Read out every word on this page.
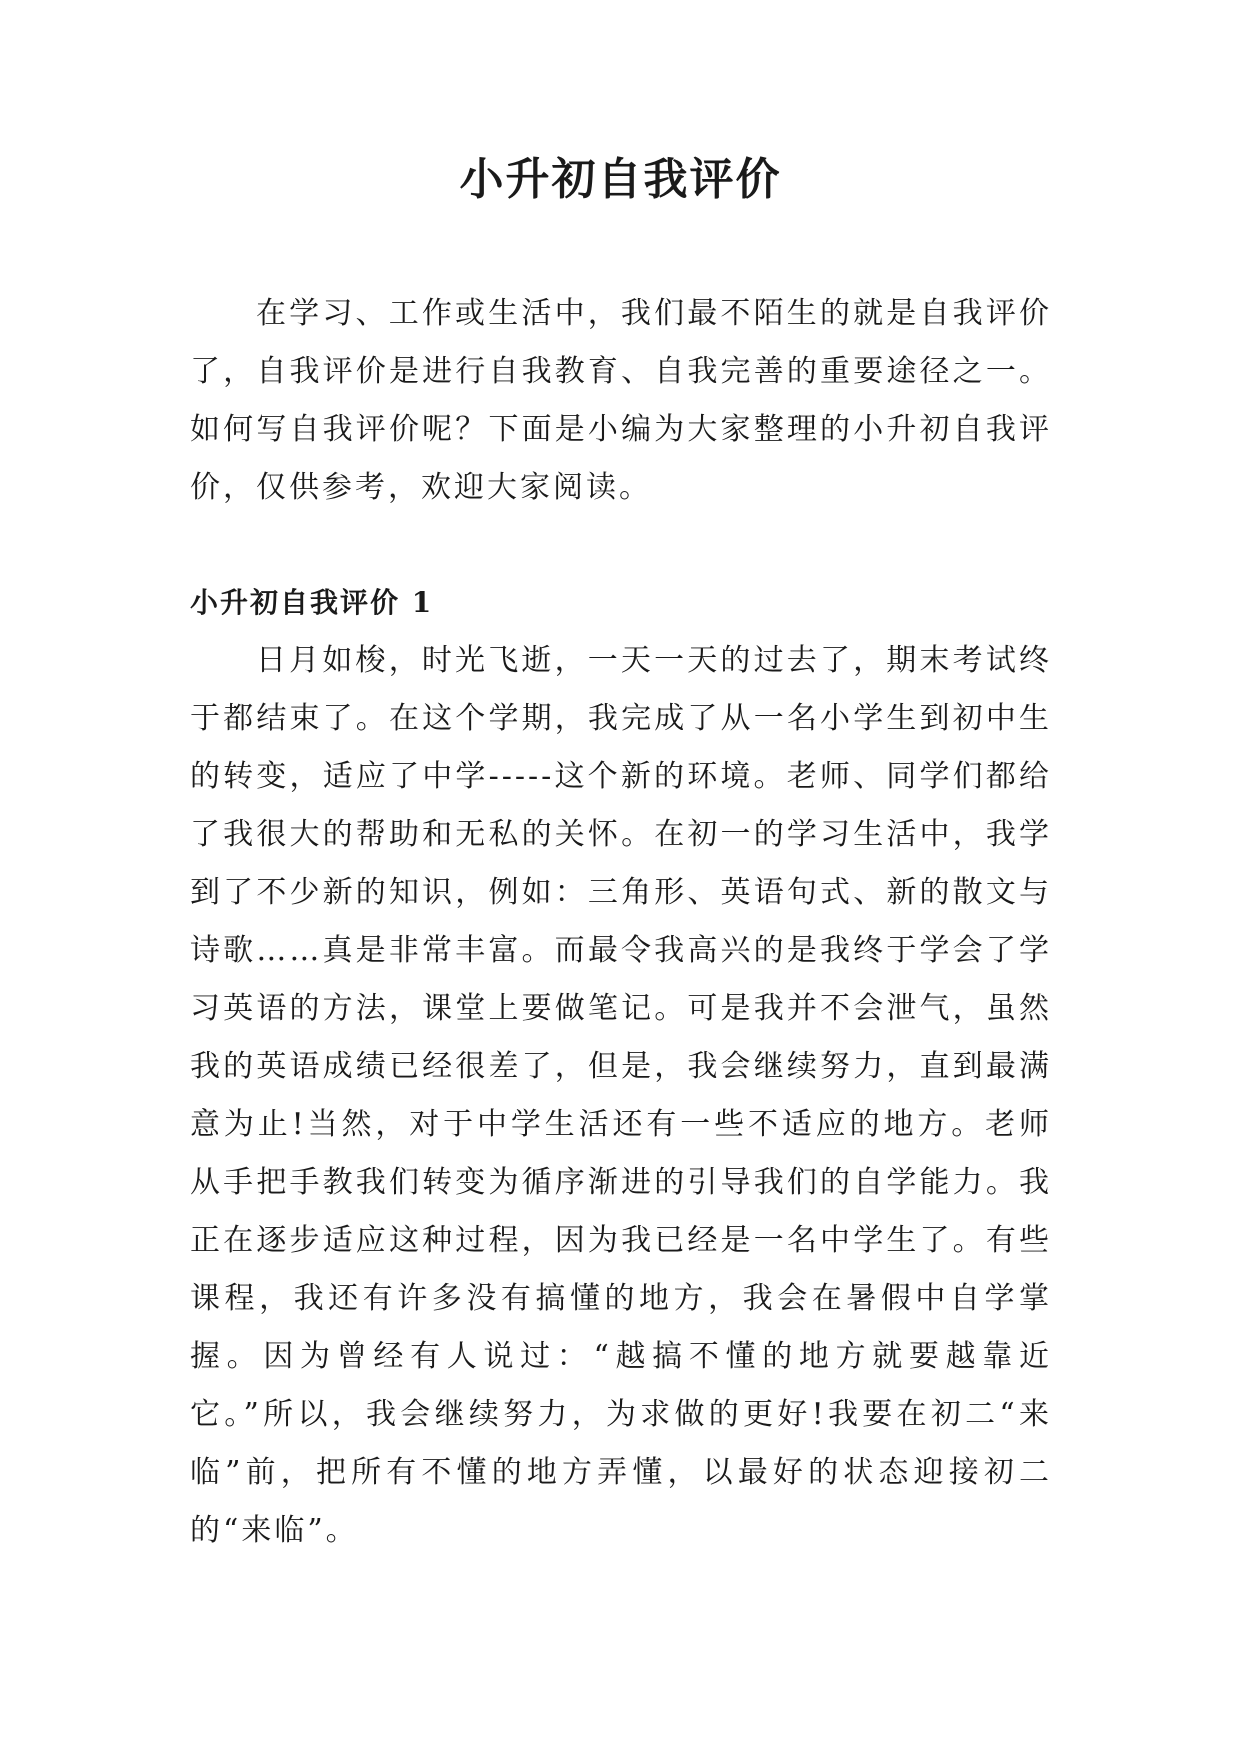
小升初自我评价

在学习、工作或生活中，我们最不陌生的就是自我评价了，自我评价是进行自我教育、自我完善的重要途径之一。如何写自我评价呢？下面是小编为大家整理的小升初自我评价，仅供参考，欢迎大家阅读。

小升初自我评价 1

日月如梭，时光飞逝，一天一天的过去了，期末考试终于都结束了。在这个学期，我完成了从一名小学生到初中生的转变，适应了中学-----这个新的环境。老师、同学们都给了我很大的帮助和无私的关怀。在初一的学习生活中，我学到了不少新的知识，例如：三角形、英语句式、新的散文与诗歌……真是非常丰富。而最令我高兴的是我终于学会了学习英语的方法，课堂上要做笔记。可是我并不会泄气，虽然我的英语成绩已经很差了，但是，我会继续努力，直到最满意为止!当然，对于中学生活还有一些不适应的地方。老师从手把手教我们转变为循序渐进的引导我们的自学能力。我正在逐步适应这种过程，因为我已经是一名中学生了。有些课程，我还有许多没有搞懂的地方，我会在暑假中自学掌握。因为曾经有人说过：“越搞不懂的地方就要越靠近它。”所以，我会继续努力，为求做的更好!我要在初二“来临”前，把所有不懂的地方弄懂，以最好的状态迎接初二的“来临”。
